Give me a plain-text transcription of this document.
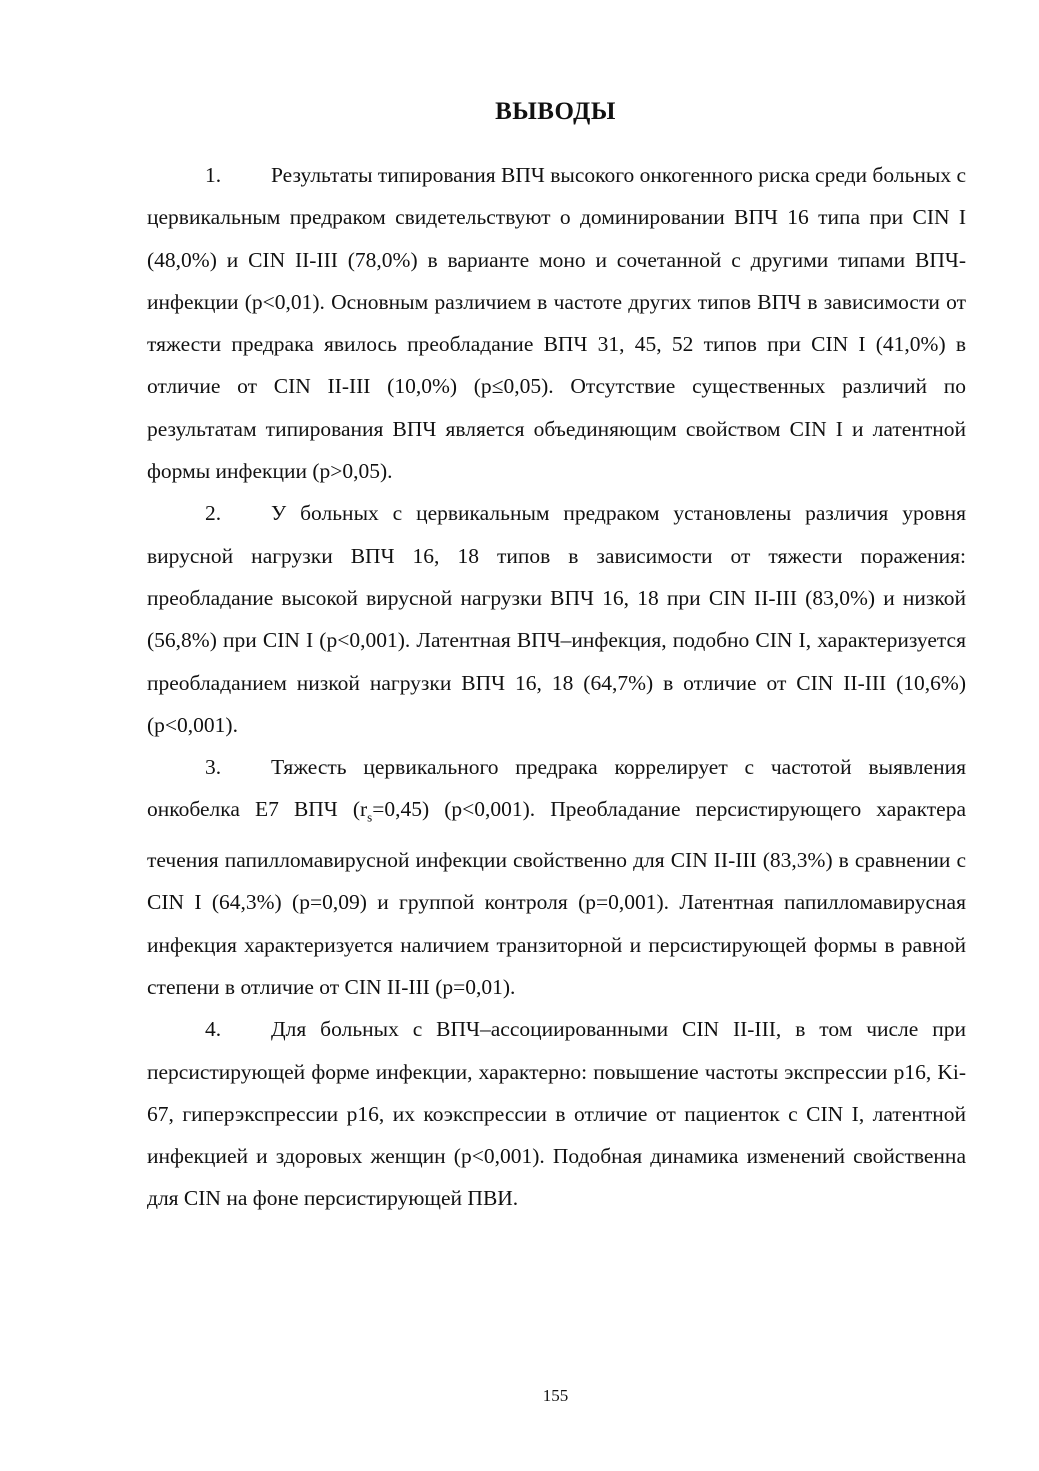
ВЫВОДЫ

1. Результаты типирования ВПЧ высокого онкогенного риска среди больных с цервикальным предраком свидетельствуют о доминировании ВПЧ 16 типа при CIN I (48,0%) и CIN II-III (78,0%) в варианте моно и сочетанной с другими типами ВПЧ-инфекции (p<0,01). Основным различием в частоте других типов ВПЧ в зависимости от тяжести предрака явилось преобладание ВПЧ 31, 45, 52 типов при CIN I (41,0%) в отличие от CIN II-III (10,0%) (p≤0,05). Отсутствие существенных различий по результатам типирования ВПЧ является объединяющим свойством CIN I и латентной формы инфекции (p>0,05).

2. У больных с цервикальным предраком установлены различия уровня вирусной нагрузки ВПЧ 16, 18 типов в зависимости от тяжести поражения: преобладание высокой вирусной нагрузки ВПЧ 16, 18 при CIN II-III (83,0%) и низкой (56,8%) при CIN I (p<0,001). Латентная ВПЧ–инфекция, подобно CIN I, характеризуется преобладанием низкой нагрузки ВПЧ 16, 18 (64,7%) в отличие от CIN II-III (10,6%) (p<0,001).

3. Тяжесть цервикального предрака коррелирует с частотой выявления онкобелка Е7 ВПЧ $(r_s=0,45)$ (p<0,001). Преобладание персистирующего характера течения папилломавирусной инфекции свойственно для CIN II-III (83,3%) в сравнении с CIN I (64,3%) (p=0,09) и группой контроля (p=0,001). Латентная папилломавирусная инфекция характеризуется наличием транзиторной и персистирующей формы в равной степени в отличие от CIN II-III (p=0,01).

4. Для больных с ВПЧ–ассоциированными CIN II-III, в том числе при персистирующей форме инфекции, характерно: повышение частоты экспрессии p16, Ki-67, гиперэкспрессии p16, их коэкспрессии в отличие от пациенток с CIN I, латентной инфекцией и здоровых женщин (p<0,001). Подобная динамика изменений свойственна для CIN на фоне персистирующей ПВИ.

155
